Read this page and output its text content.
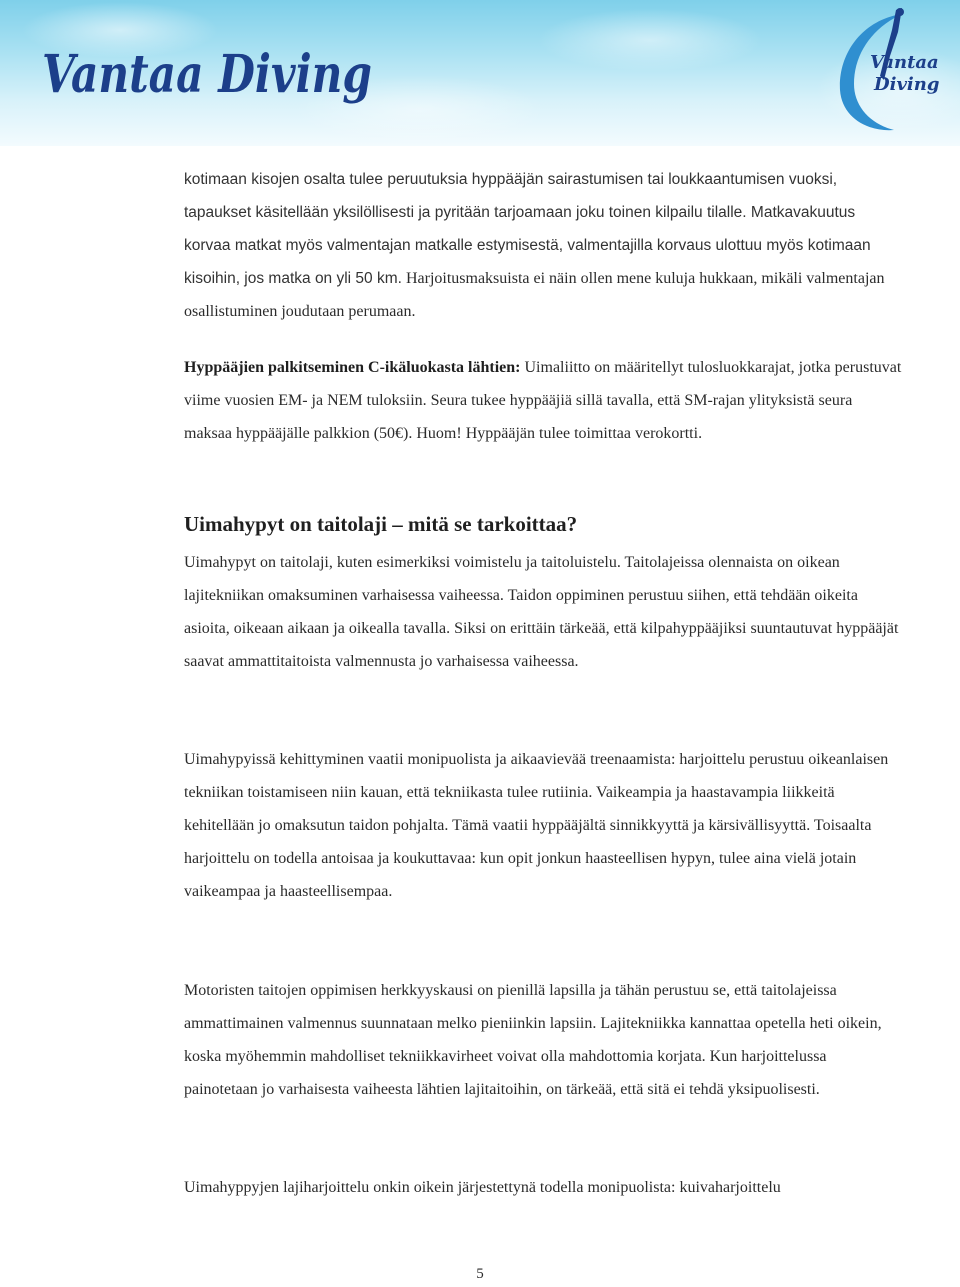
Vantaa Diving	Vantaa
Diving

kotimaan kisojen osalta tulee peruutuksia hyppääjän sairastumisen tai loukkaantumisen vuoksi, tapaukset käsitellään yksilöllisesti ja pyritään tarjoamaan joku toinen kilpailu tilalle. Matkavakuutus korvaa matkat myös valmentajan matkalle estymisestä, valmentajilla korvaus ulottuu myös kotimaan kisoihin, jos matka on yli 50 km. Harjoitusmaksuista ei näin ollen mene kuluja hukkaan, mikäli valmentajan osallistuminen joudutaan perumaan.

Hyppääjien palkitseminen C-ikäluokasta lähtien: Uimaliitto on määritellyt tulosluokkarajat, jotka perustuvat viime vuosien EM- ja NEM tuloksiin. Seura tukee hyppääjiä sillä tavalla, että SM-rajan ylityksistä seura maksaa hyppääjälle palkkion (50€). Huom! Hyppääjän tulee toimittaa verokortti.

Uimahypyt on taitolaji – mitä se tarkoittaa?

Uimahypyt on taitolaji, kuten esimerkiksi voimistelu ja taitoluistelu. Taitolajeissa olennaista on oikean lajitekniikan omaksuminen varhaisessa vaiheessa. Taidon oppiminen perustuu siihen, että tehdään oikeita asioita, oikeaan aikaan ja oikealla tavalla. Siksi on erittäin tärkeää, että kilpahyppääjiksi suuntautuvat hyppääjät saavat ammattitaitoista valmennusta jo varhaisessa vaiheessa.

Uimahypyissä kehittyminen vaatii monipuolista ja aikaavievää treenaamista: harjoittelu perustuu oikeanlaisen tekniikan toistamiseen niin kauan, että tekniikasta tulee rutiinia. Vaikeampia ja haastavampia liikkeitä kehitellään jo omaksutun taidon pohjalta. Tämä vaatii hyppääjältä sinnikkyyttä ja kärsivällisyyttä. Toisaalta harjoittelu on todella antoisaa ja koukuttavaa: kun opit jonkun haasteellisen hypyn, tulee aina vielä jotain vaikeampaa ja haasteellisempaa.

Motoristen taitojen oppimisen herkkyyskausi on pienillä lapsilla ja tähän perustuu se, että taitolajeissa ammattimainen valmennus suunnataan melko pieniinkin lapsiin. Lajitekniikka kannattaa opetella heti oikein, koska myöhemmin mahdolliset tekniikkavirheet voivat olla mahdottomia korjata. Kun harjoittelussa painotetaan jo varhaisesta vaiheesta lähtien lajitaitoihin, on tärkeää, että sitä ei tehdä yksipuolisesti.

Uimahyppyjen lajiharjoittelu onkin oikein järjestettynä todella monipuolista: kuivaharjoittelu

5
